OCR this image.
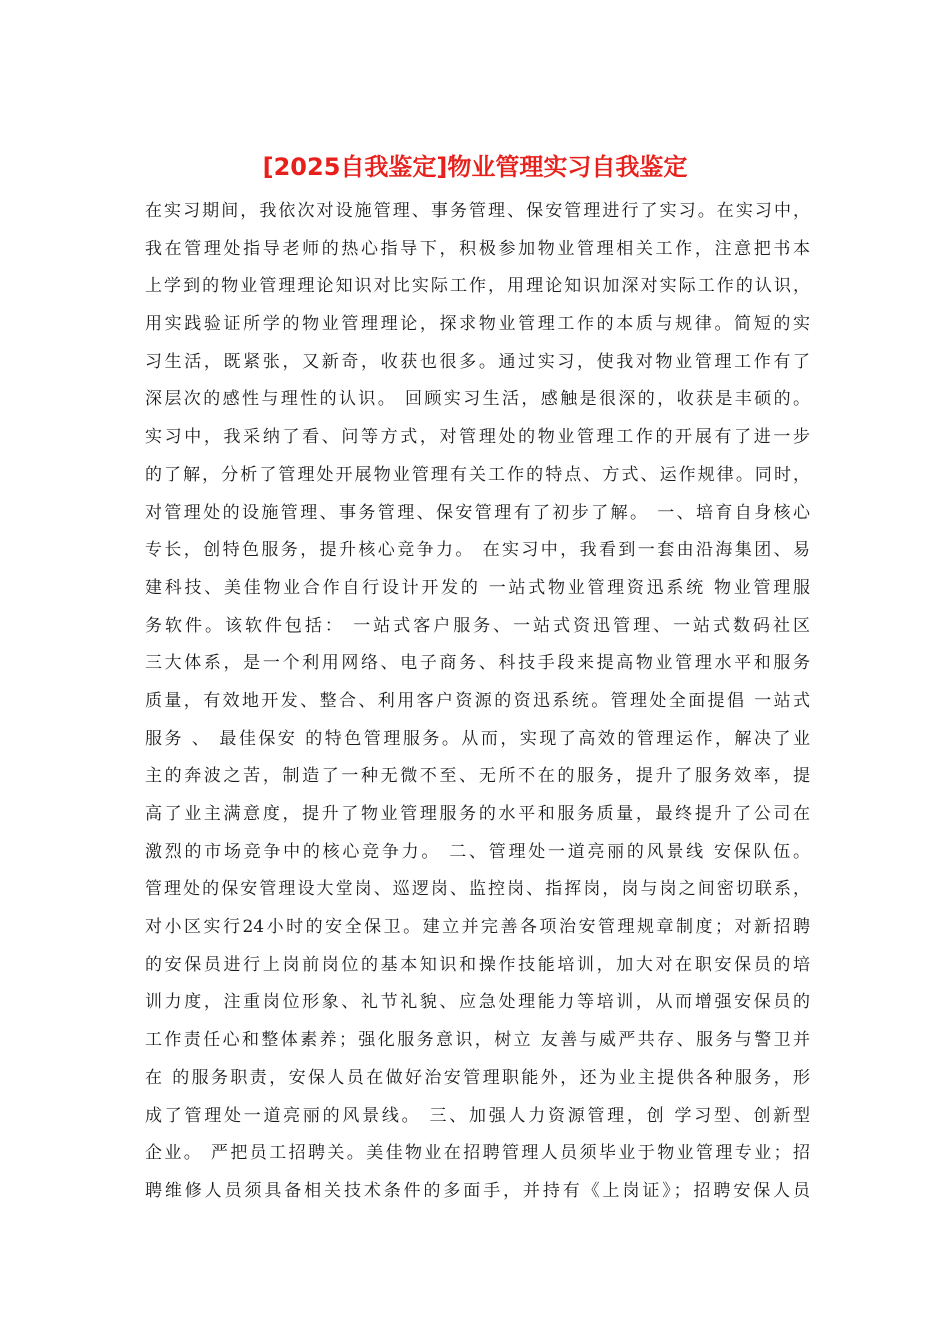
[2025自我鉴定]物业管理实习自我鉴定
在实习期间，我依次对设施管理、事务管理、保安管理进行了实习。在实习中，
我在管理处指导老师的热心指导下，积极参加物业管理相关工作，注意把书本
上学到的物业管理理论知识对比实际工作，用理论知识加深对实际工作的认识，
用实践验证所学的物业管理理论，探求物业管理工作的本质与规律。简短的实
习生活，既紧张，又新奇，收获也很多。通过实习，使我对物业管理工作有了
深层次的感性与理性的认识。 回顾实习生活，感触是很深的，收获是丰硕的。
实习中，我采纳了看、问等方式，对管理处的物业管理工作的开展有了进一步
的了解，分析了管理处开展物业管理有关工作的特点、方式、运作规律。同时，
对管理处的设施管理、事务管理、保安管理有了初步了解。 一、培育自身核心
专长，创特色服务，提升核心竞争力。 在实习中，我看到一套由沿海集团、易
建科技、美佳物业合作自行设计开发的 一站式物业管理资迅系统 物业管理服
务软件。该软件包括： 一站式客户服务、一站式资迅管理、一站式数码社区
三大体系，是一个利用网络、电子商务、科技手段来提高物业管理水平和服务
质量，有效地开发、整合、利用客户资源的资迅系统。管理处全面提倡 一站式
服务 、 最佳保安 的特色管理服务。从而，实现了高效的管理运作，解决了业
主的奔波之苦，制造了一种无微不至、无所不在的服务，提升了服务效率，提
高了业主满意度，提升了物业管理服务的水平和服务质量，最终提升了公司在
激烈的市场竞争中的核心竞争力。 二、管理处一道亮丽的风景线 安保队伍。
管理处的保安管理设大堂岗、巡逻岗、监控岗、指挥岗，岗与岗之间密切联系，
对小区实行24小时的安全保卫。建立并完善各项治安管理规章制度；对新招聘
的安保员进行上岗前岗位的基本知识和操作技能培训，加大对在职安保员的培
训力度，注重岗位形象、礼节礼貌、应急处理能力等培训，从而增强安保员的
工作责任心和整体素养；强化服务意识，树立 友善与威严共存、服务与警卫并
在 的服务职责，安保人员在做好治安管理职能外，还为业主提供各种服务，形
成了管理处一道亮丽的风景线。 三、加强人力资源管理，创 学习型、创新型
企业。 严把员工招聘关。美佳物业在招聘管理人员须毕业于物业管理专业；招
聘维修人员须具备相关技术条件的多面手，并持有《上岗证》；招聘安保人员
